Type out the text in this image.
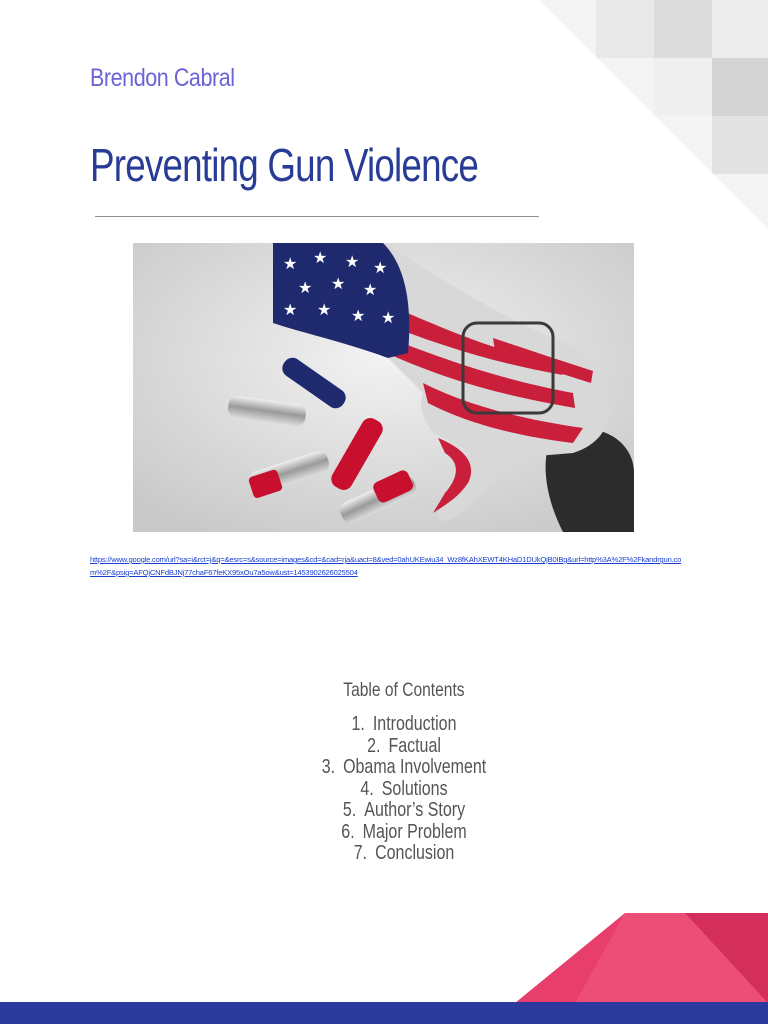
Brendon Cabral
Preventing Gun Violence
★ ★ ★
★ ★ ★
★ ★ ★ ★
★
https://www.google.com/url?sa=i&rct=j&q=&esrc=s&source=images&cd=&cad=rja&uact=8&ved=0ahUKEwiu34_Wz8fKAhXEWT4KHaD1DUkQjB0IBg&url=http%3A%2F%2Fkandrgun.com%2F&psig=AFQjCNFdBJNj77chaF67feKX95xOu7a5ow&ust=1453902626025504
Table of Contents
1. Introduction
2. Factual
3. Obama Involvement
4. Solutions
5. Author’s Story
6. Major Problem
7. Conclusion
